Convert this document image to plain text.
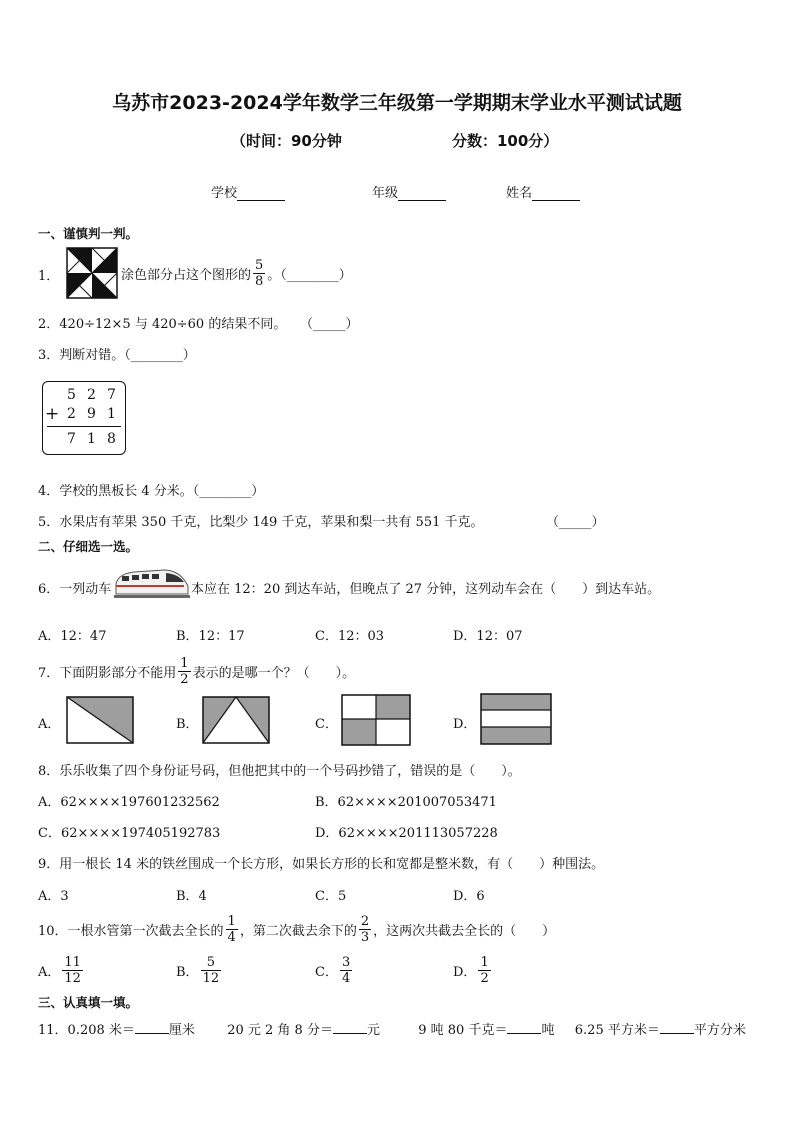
乌苏市2023-2024学年数学三年级第一学期期末学业水平测试试题
（时间：90分钟	分数：100分）
学校	年级	姓名
一、谨慎判一判。
1．	涂色部分占这个图形的 $\frac{5}{8}$ 。（________）
2．420÷12×5 与 420÷60 的结果不同。 （_____）
3．判断对错。（________）
5 2 7
+ 2 9 1
7 1 8
4．学校的黑板长 4 分米。（________）
5．水果店有苹果 350 千克，比梨少 149 千克，苹果和梨一共有 551 千克。	（_____）
二、仔细选一选。
6．一列动车	本应在 12：20 到达车站，但晚点了 27 分钟，这列动车会在（　　）到达车站。
A．12：47	B．12：17	C．12：03	D．12：07
7．下面阴影部分不能用 $\frac{1}{2}$ 表示的是哪一个？（　　）。
A．	B．	C．	D．
8．乐乐收集了四个身份证号码，但他把其中的一个号码抄错了，错误的是（　　）。
A．62××××197601232562	B．62××××201007053471
C．62××××197405192783	D．62××××201113057228
9．用一根长 14 米的铁丝围成一个长方形，如果长方形的长和宽都是整米数，有（　　）种围法。
A．3	B．4	C．5	D．6
10．一根水管第一次截去全长的 $\frac{1}{4}$ ，第二次截去余下的 $\frac{2}{3}$ ，这两次共截去全长的（　　）
A． $\frac{11}{12}$	B． $\frac{5}{12}$	C． $\frac{3}{4}$	D． $\frac{1}{2}$
三、认真填一填。
11．0.208 米＝	厘米 20 元 2 角 8 分＝	元	9 吨 80 千克＝	吨 6.25 平方米＝	平方分米
